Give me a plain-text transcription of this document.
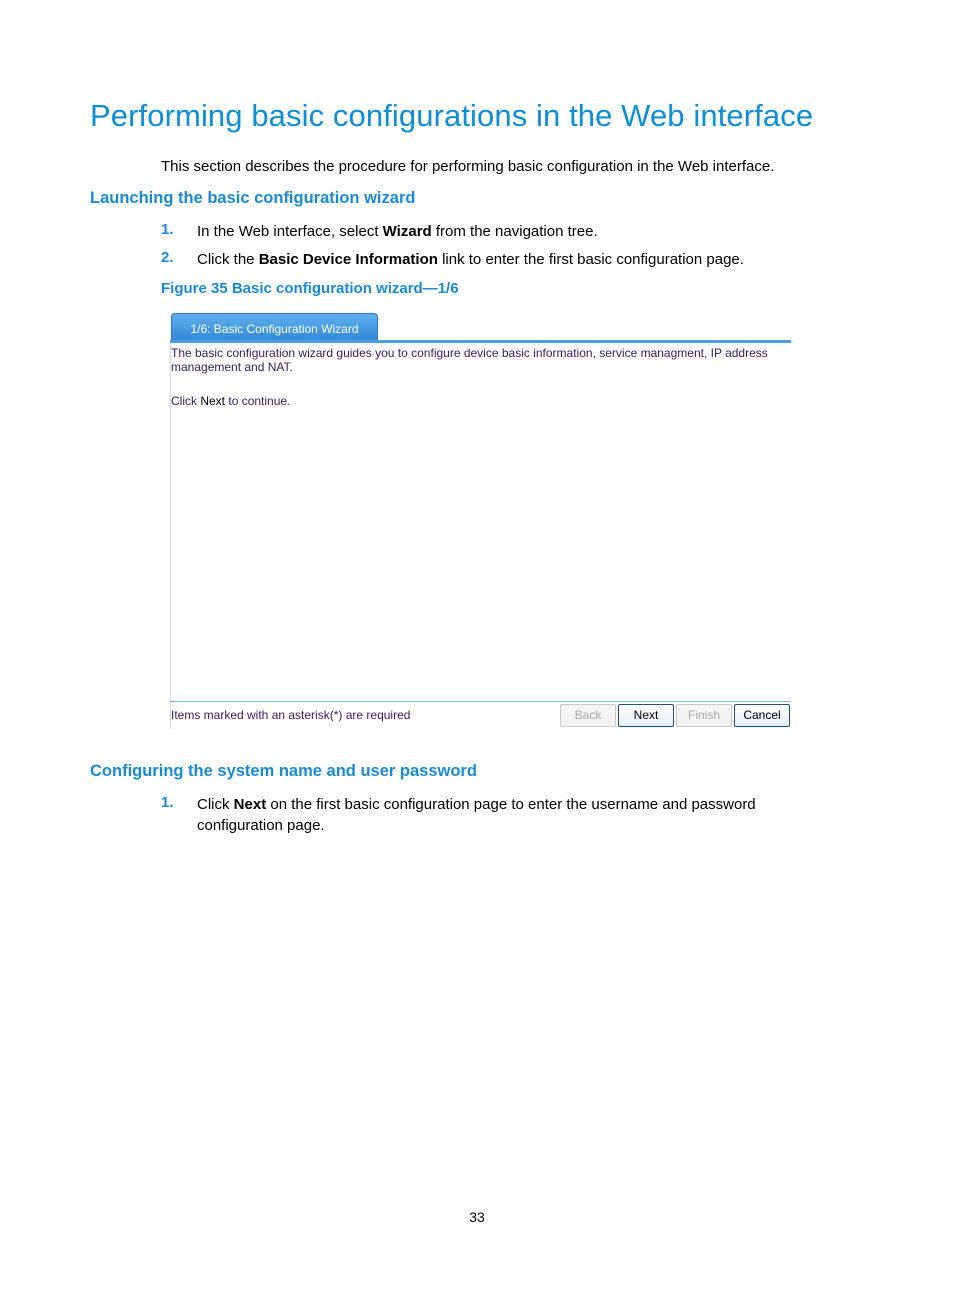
Performing basic configurations in the Web interface

This section describes the procedure for performing basic configuration in the Web interface.

Launching the basic configuration wizard
1. In the Web interface, select Wizard from the navigation tree.
2. Click the Basic Device Information link to enter the first basic configuration page.
Figure 35 Basic configuration wizard—1/6
1/6: Basic Configuration Wizard

The basic configuration wizard guides you to configure device basic information, service managment, IP address management and NAT.

Click Next to continue.

Items marked with an asterisk(*) are required	Back	Next	Finish	Cancel
Configuring the system name and user password
1. Click Next on the first basic configuration page to enter the username and password configuration page.
33
